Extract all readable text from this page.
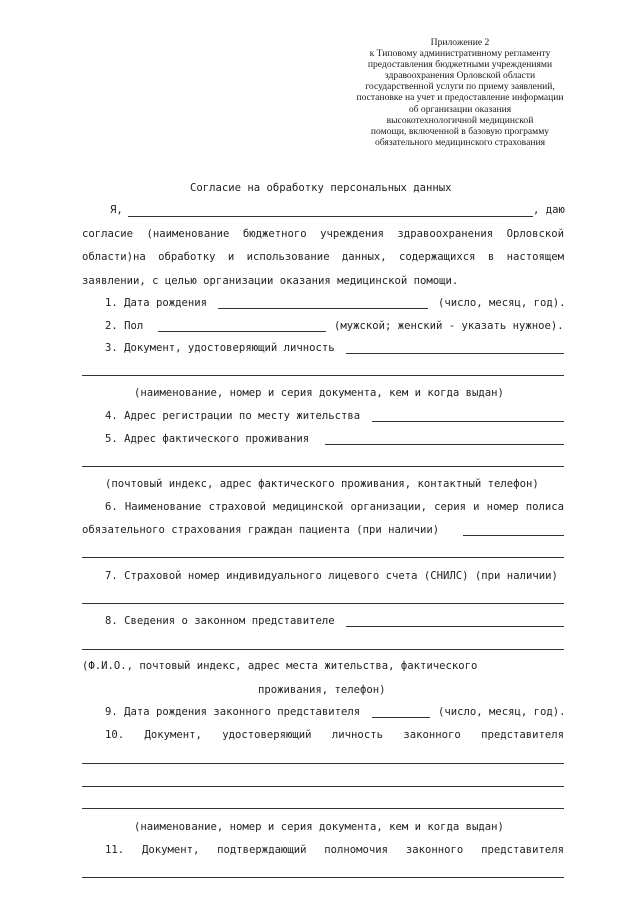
Приложение 2
к Типовому административному регламенту
предоставления бюджетными учреждениями
здравоохранения Орловской области
государственной услуги по приему заявлений,
постановке на учет и предоставление информации
об организации оказания
высокотехнологичной медицинской
помощи, включенной в базовую программу
обязательного медицинского страхования
Согласие на обработку персональных данных
Я,	, даю
согласие (наименование бюджетного учреждения здравоохранения Орловской
области)на обработку и использование данных, содержащихся в настоящем
заявлении, с целью организации оказания медицинской помощи.
1. Дата рождения	(число, месяц, год).
2. Пол	(мужской; женский - указать нужное).
3. Документ, удостоверяющий личность
(наименование, номер и серия документа, кем и когда выдан)
4. Адрес регистрации по месту жительства
5. Адрес фактического проживания
(почтовый индекс, адрес фактического проживания, контактный телефон)
6. Наименование страховой медицинской организации, серия и номер полиса
обязательного страхования граждан пациента (при наличии)
7. Страховой номер индивидуального лицевого счета (СНИЛС) (при наличии)
8. Сведения о законном представителе
(Ф.И.О., почтовый индекс, адрес места жительства, фактического
проживания, телефон)
9. Дата рождения законного представителя	(число, месяц, год).
10. Документ, удостоверяющий личность законного представителя
(наименование, номер и серия документа, кем и когда выдан)
11. Документ, подтверждающий полномочия законного представителя
